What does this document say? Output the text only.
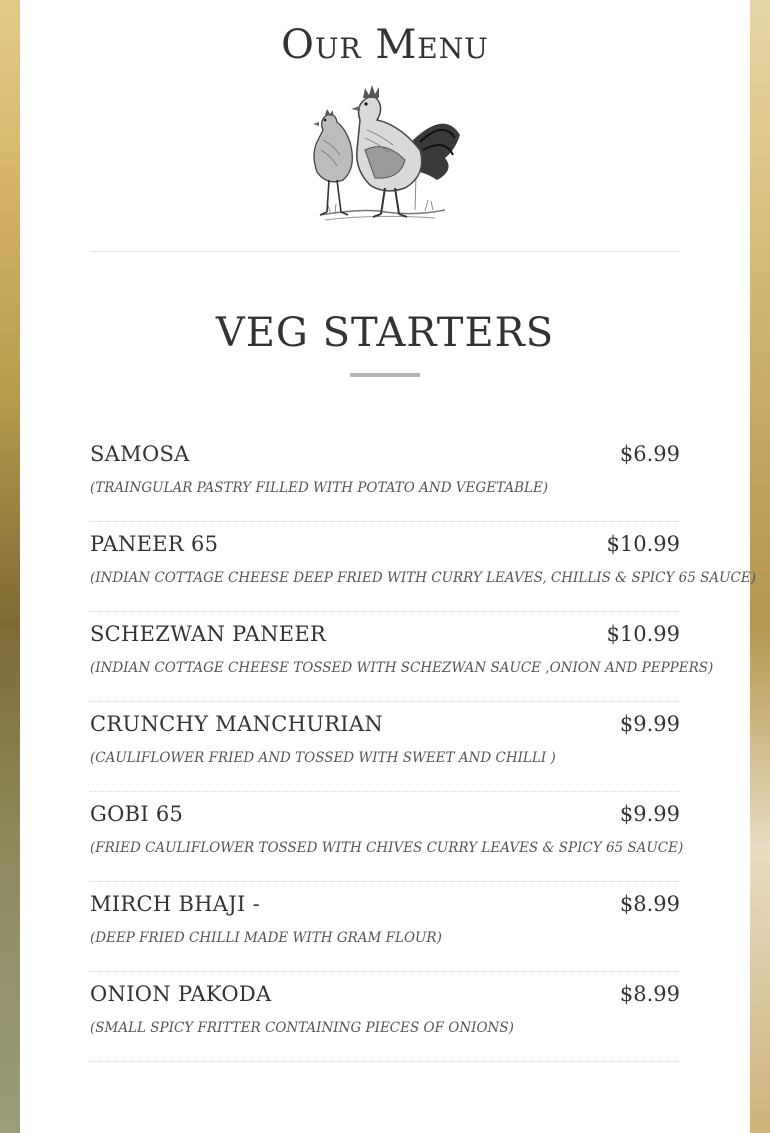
Our Menu
VEG STARTERS
SAMOSA	$6.99
(TRAINGULAR PASTRY FILLED WITH POTATO AND VEGETABLE)
PANEER 65	$10.99
(INDIAN COTTAGE CHEESE DEEP FRIED WITH CURRY LEAVES, CHILLIS & SPICY 65 SAUCE)
SCHEZWAN PANEER	$10.99
(INDIAN COTTAGE CHEESE TOSSED WITH SCHEZWAN SAUCE ,ONION AND PEPPERS)
CRUNCHY MANCHURIAN	$9.99
(CAULIFLOWER FRIED AND TOSSED WITH SWEET AND CHILLI )
GOBI 65	$9.99
(FRIED CAULIFLOWER TOSSED WITH CHIVES CURRY LEAVES & SPICY 65 SAUCE)
MIRCH BHAJI -	$8.99
(DEEP FRIED CHILLI MADE WITH GRAM FLOUR)
ONION PAKODA	$8.99
(SMALL SPICY FRITTER CONTAINING PIECES OF ONIONS)
